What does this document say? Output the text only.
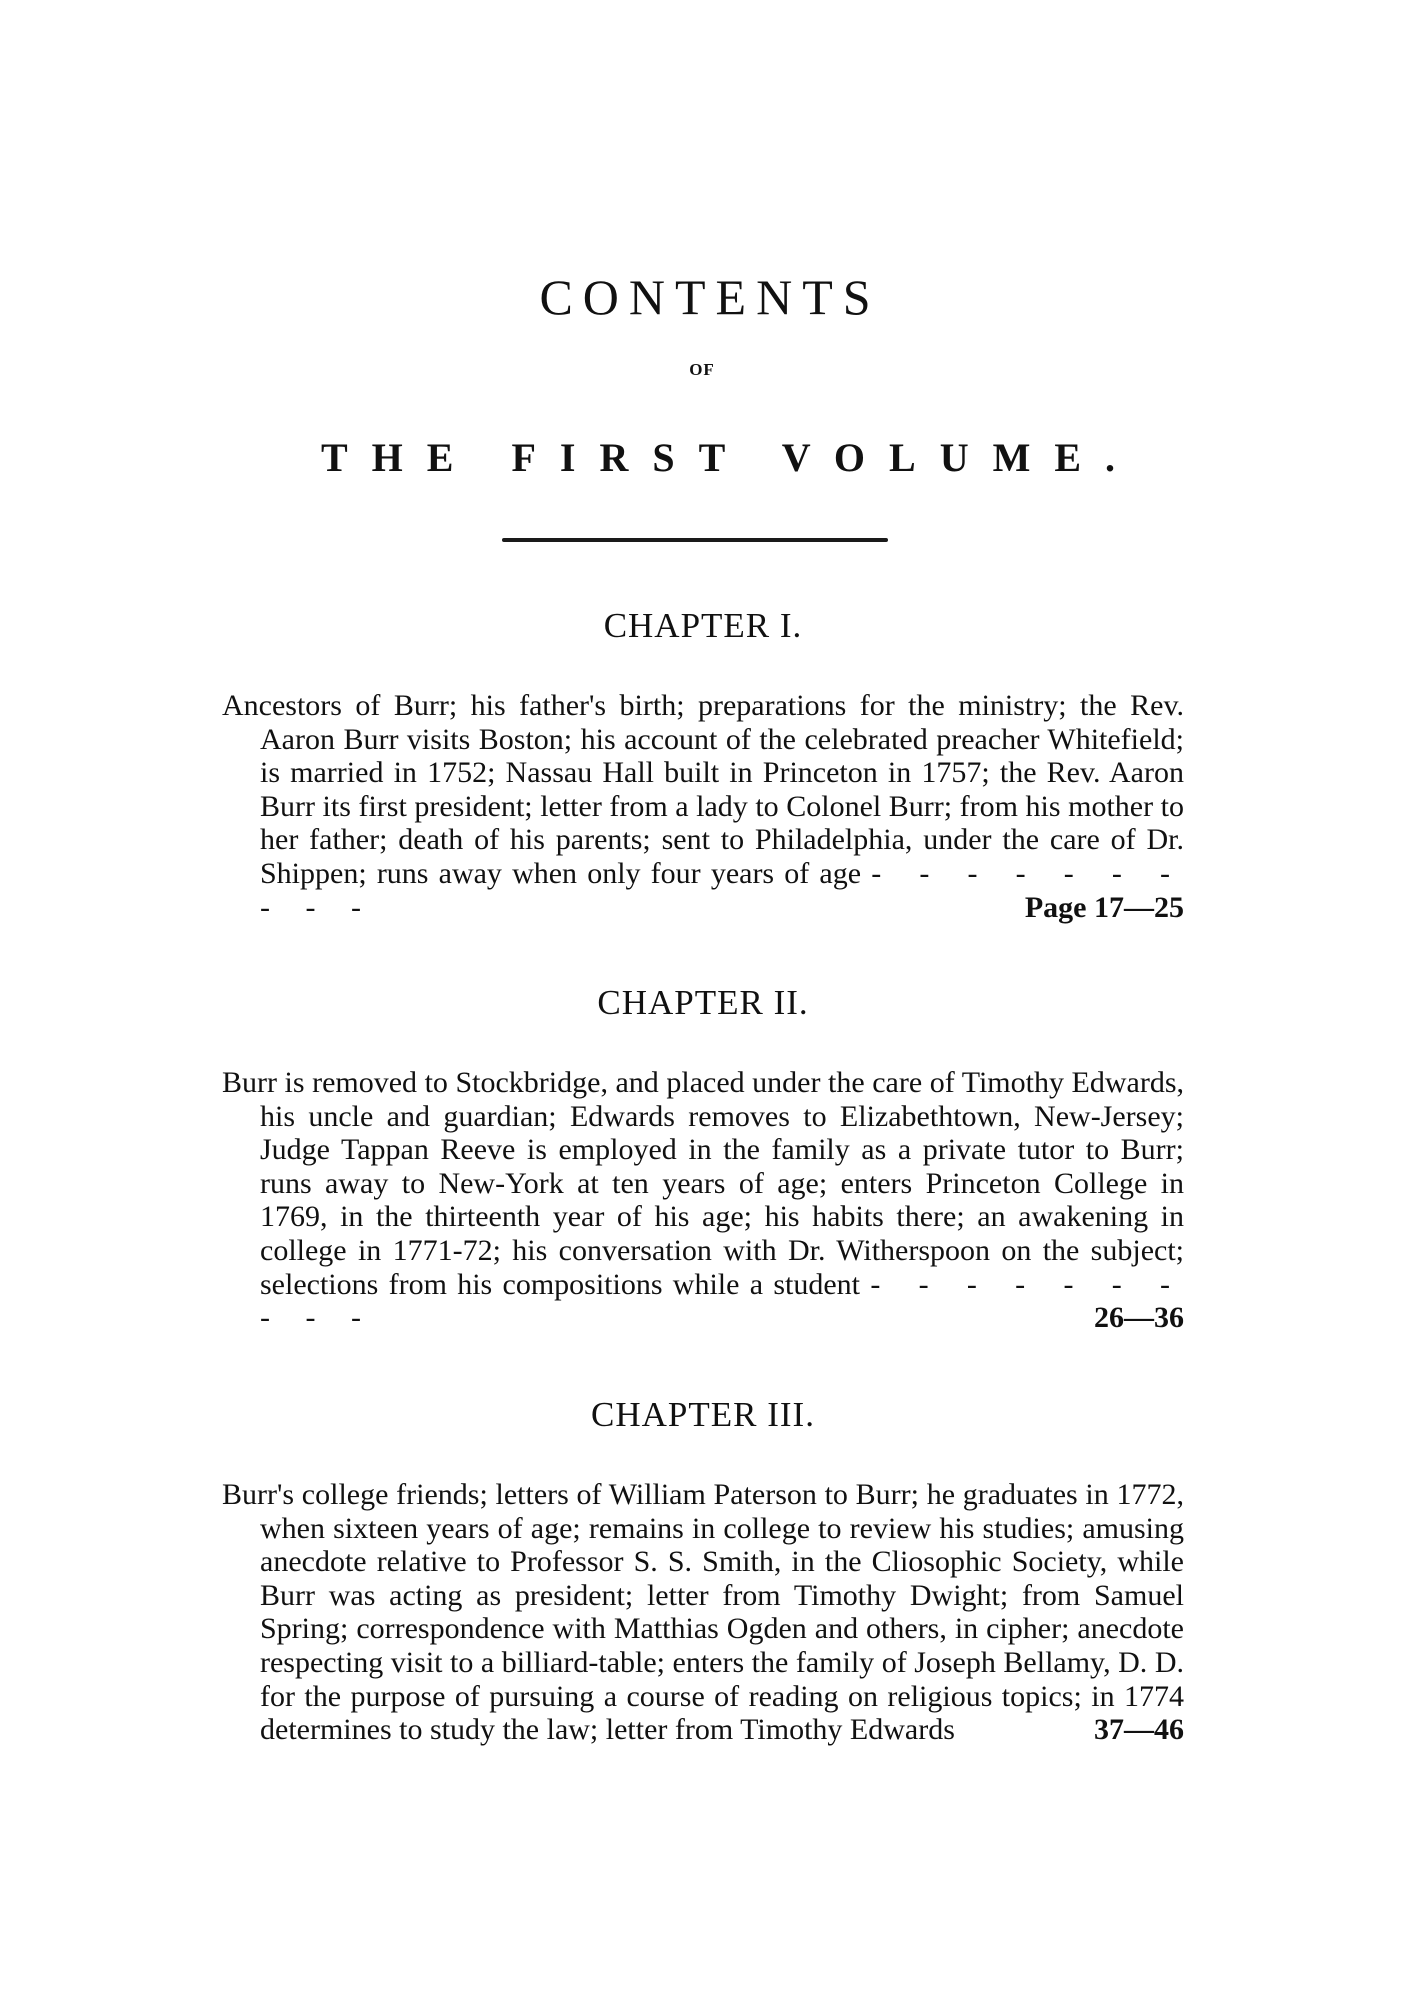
CONTENTS
OF
THE FIRST VOLUME.
CHAPTER I.

Ancestors of Burr; his father's birth; preparations for the ministry; the Rev. Aaron Burr visits Boston; his account of the celebrated preacher Whitefield; is married in 1752; Nassau Hall built in Princeton in 1757; the Rev. Aaron Burr its first president; letter from a lady to Colonel Burr; from his mother to her father; death of his parents; sent to Philadelphia, under the care of Dr. Shippen; runs away when only four years of age - - - - - - - - - -	Page 17—25

CHAPTER II.

Burr is removed to Stockbridge, and placed under the care of Timothy Edwards, his uncle and guardian; Edwards removes to Elizabethtown, New-Jersey; Judge Tappan Reeve is employed in the family as a private tutor to Burr; runs away to New-York at ten years of age; enters Princeton College in 1769, in the thirteenth year of his age; his habits there; an awakening in college in 1771-72; his conversation with Dr. Witherspoon on the subject; selections from his compositions while a student - - - - - - - - - -	26—36

CHAPTER III.

Burr's college friends; letters of William Paterson to Burr; he graduates in 1772, when sixteen years of age; remains in college to review his studies; amusing anecdote relative to Professor S. S. Smith, in the Cliosophic Society, while Burr was acting as president; letter from Timothy Dwight; from Samuel Spring; correspondence with Matthias Ogden and others, in cipher; anecdote respecting visit to a billiard-table; enters the family of Joseph Bellamy, D. D. for the purpose of pursuing a course of reading on religious topics; in 1774 determines to study the law; letter from Timothy Edwards	37—46
